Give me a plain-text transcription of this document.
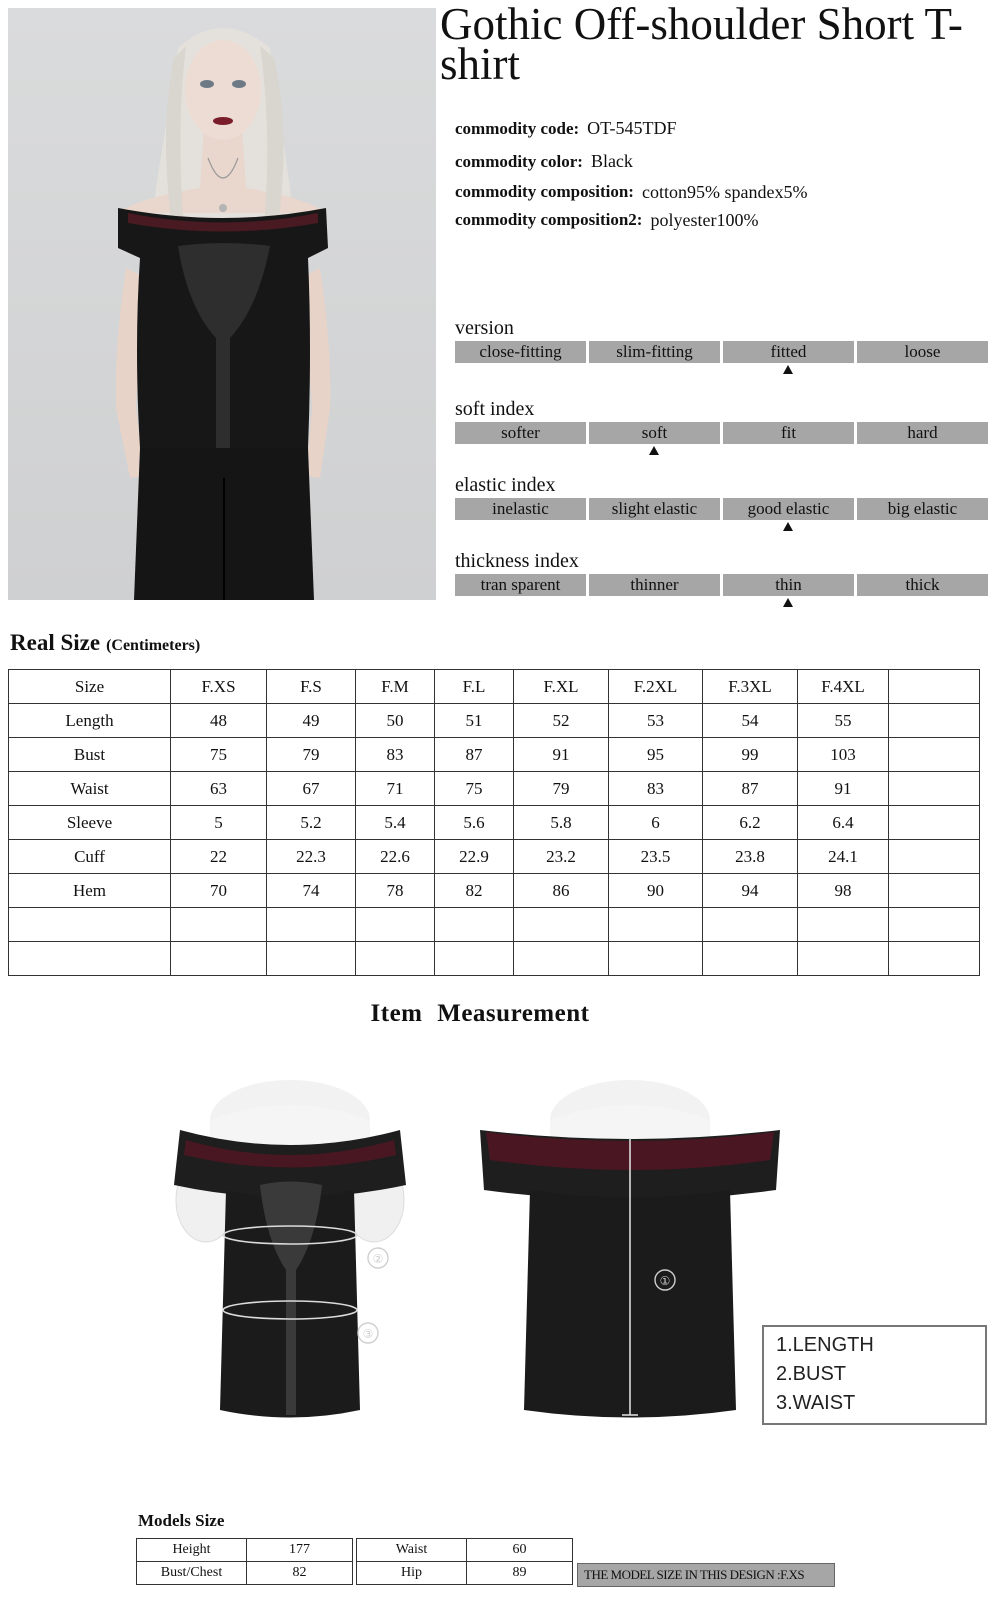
Gothic Off-shoulder Short T-shirt
commodity code: OT-545TDF
commodity color: Black
commodity composition: cotton95% spandex5%
commodity composition2: polyester100%
version
close-fitting	slim-fitting	fitted	loose
soft index
softer	soft	fit	hard
elastic index
inelastic	slight elastic	good elastic	big elastic
thickness index
tran sparent	thinner	thin	thick
Real Size (Centimeters)
Size	F.XS	F.S	F.M	F.L	F.XL	F.2XL	F.3XL	F.4XL	
Length	48	49	50	51	52	53	54	55	
Bust	75	79	83	87	91	95	99	103	
Waist	63	67	71	75	79	83	87	91	
Sleeve	5	5.2	5.4	5.6	5.8	6	6.2	6.4	
Cuff	22	22.3	22.6	22.9	23.2	23.5	23.8	24.1	
Hem	70	74	78	82	86	90	94	98	

Item Measurement
②
③
①
1.LENGTH
2.BUST
3.WAIST
Models Size
Height	177
Bust/Chest	82
Waist	60
Hip	89	THE MODEL SIZE IN THIS DESIGN :F.XS
